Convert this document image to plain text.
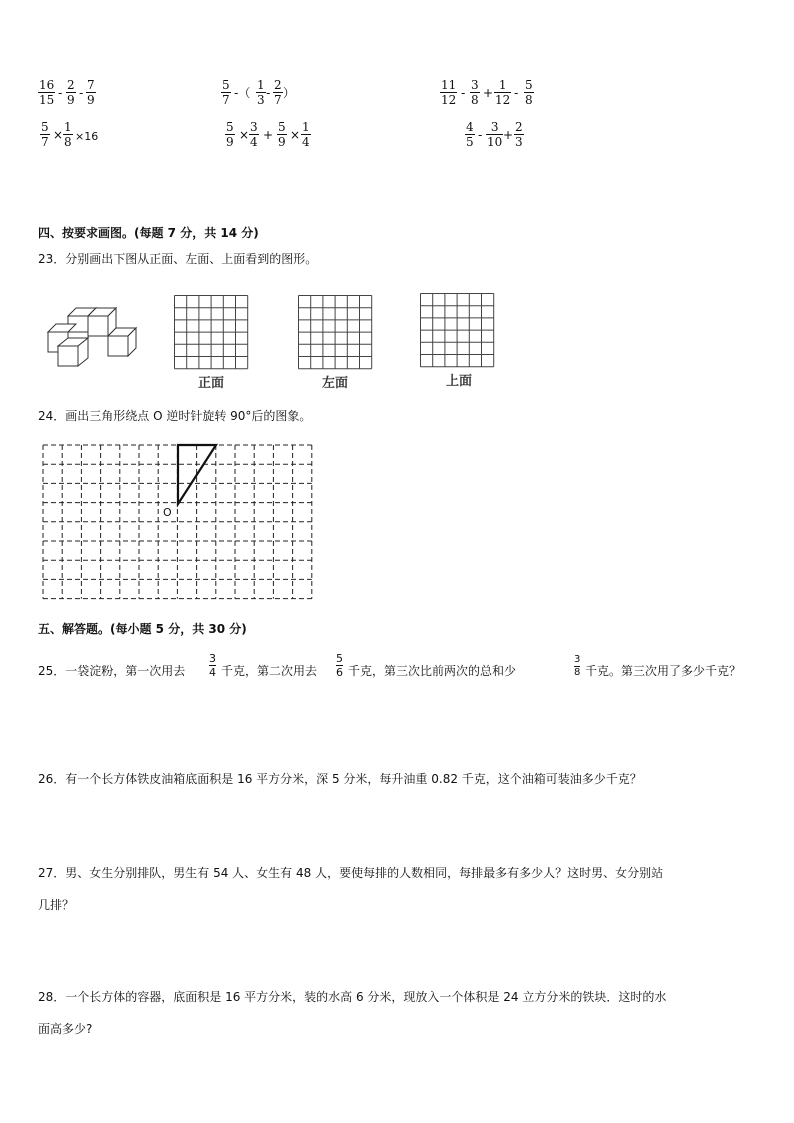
$\frac{16}{15} - \frac{2}{9} - \frac{7}{9}$	$\frac{5}{7}$ -（ $\frac{1}{3} - \frac{2}{7}$ ）	$\frac{11}{12} - \frac{3}{8} + \frac{1}{12} - \frac{5}{8}$
$\frac{5}{7} \times \frac{1}{8} \times 16$	$\frac{5}{9} \times \frac{3}{4} + \frac{5}{9} \times \frac{1}{4}$	$\frac{4}{5} - \frac{3}{10} + \frac{2}{3}$
四、按要求画图。(每题 7 分，共 14 分)
23．分别画出下图从正面、左面、上面看到的图形。
正面	左面	上面
24．画出三角形绕点 O 逆时针旋转 90°后的图象。
O
五、解答题。(每小题 5 分，共 30 分)
25．一袋淀粉，第一次用去
3
4 千克，第二次用去
5
6 千克，第三次比前两次的总和少
3
8 千克。第三次用了多少千克？
26．有一个长方体铁皮油箱底面积是 16 平方分米，深 5 分米，每升油重 0.82 千克，这个油箱可装油多少千克？
27．男、女生分别排队，男生有 54 人、女生有 48 人，要使每排的人数相同，每排最多有多少人？这时男、女分别站
几排？
28．一个长方体的容器，底面积是 16 平方分米，装的水高 6 分米，现放入一个体积是 24 立方分米的铁块．这时的水
面高多少?
